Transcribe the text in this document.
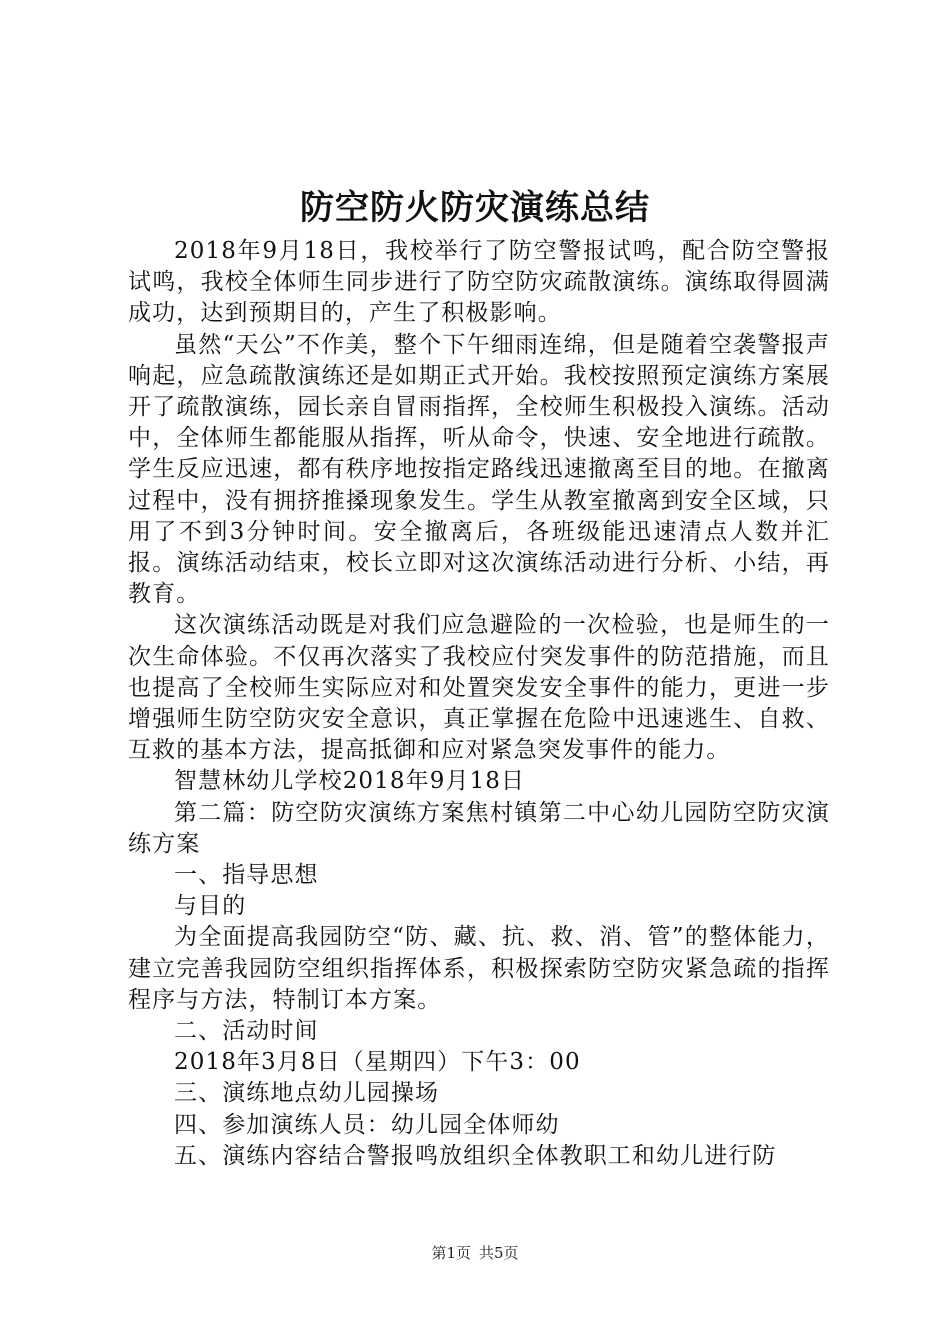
防空防火防灾演练总结

2018年9月18日，我校举行了防空警报试鸣，配合防空警报试鸣，我校全体师生同步进行了防空防灾疏散演练。演练取得圆满成功，达到预期目的，产生了积极影响。

虽然“天公”不作美，整个下午细雨连绵，但是随着空袭警报声响起，应急疏散演练还是如期正式开始。我校按照预定演练方案展开了疏散演练，园长亲自冒雨指挥，全校师生积极投入演练。活动中，全体师生都能服从指挥，听从命令，快速、安全地进行疏散。学生反应迅速，都有秩序地按指定路线迅速撤离至目的地。在撤离过程中，没有拥挤推搡现象发生。学生从教室撤离到安全区域，只用了不到3分钟时间。安全撤离后，各班级能迅速清点人数并汇报。演练活动结束，校长立即对这次演练活动进行分析、小结，再教育。

这次演练活动既是对我们应急避险的一次检验，也是师生的一次生命体验。不仅再次落实了我校应付突发事件的防范措施，而且也提高了全校师生实际应对和处置突发安全事件的能力，更进一步增强师生防空防灾安全意识，真正掌握在危险中迅速逃生、自救、互救的基本方法，提高抵御和应对紧急突发事件的能力。

智慧林幼儿学校2018年9月18日

第二篇：防空防灾演练方案焦村镇第二中心幼儿园防空防灾演练方案

一、指导思想

与目的

为全面提高我园防空“防、藏、抗、救、消、管”的整体能力，建立完善我园防空组织指挥体系，积极探索防空防灾紧急疏的指挥程序与方法，特制订本方案。

二、活动时间

2018年3月8日（星期四）下午3：00

三、演练地点幼儿园操场

四、参加演练人员：幼儿园全体师幼

五、演练内容结合警报鸣放组织全体教职工和幼儿进行防

第1页 共5页
